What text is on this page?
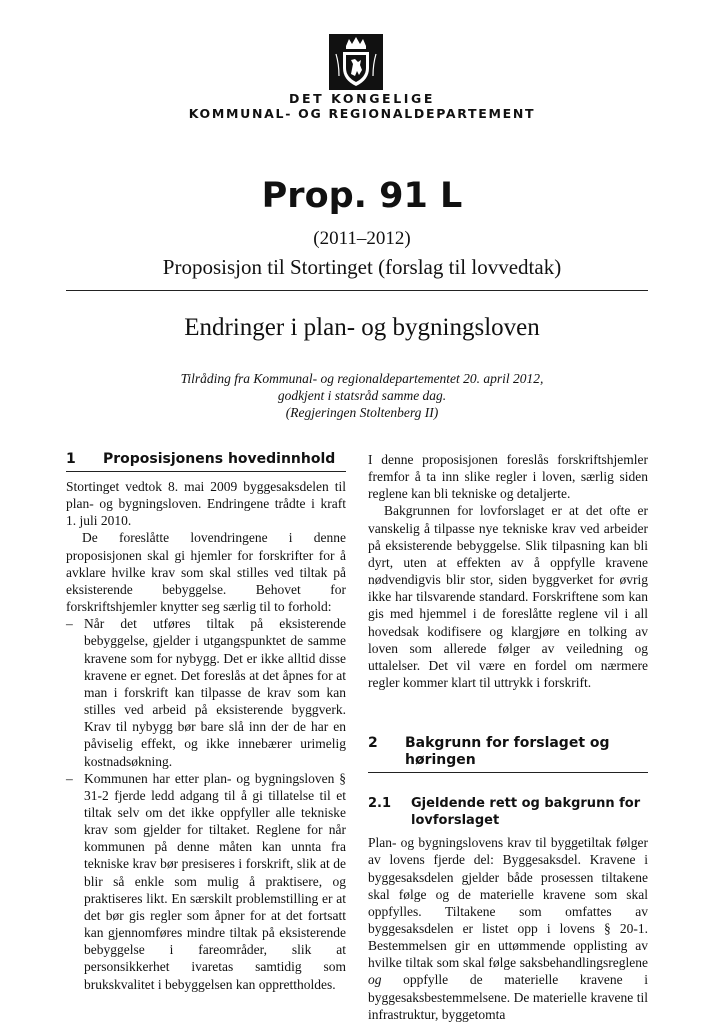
DET KONGELIGE
KOMMUNAL- OG REGIONALDEPARTEMENT
Prop. 91 L
(2011–2012)
Proposisjon til Stortinget (forslag til lovvedtak)
Endringer i plan- og bygningsloven
Tilråding fra Kommunal- og regionaldepartementet 20. april 2012,
godkjent i statsråd samme dag.
(Regjeringen Stoltenberg II)
1 Proposisjonens hovedinnhold

Stortinget vedtok 8. mai 2009 byggesaksdelen til plan- og bygningsloven. Endringene trådte i kraft 1. juli 2010.

De foreslåtte lovendringene i denne proposisjonen skal gi hjemler for forskrifter for å avklare hvilke krav som skal stilles ved tiltak på eksisterende bebyggelse. Behovet for forskriftshjemler knytter seg særlig til to forhold:

– Når det utføres tiltak på eksisterende bebyggelse, gjelder i utgangspunktet de samme kravene som for nybygg. Det er ikke alltid disse kravene er egnet. Det foreslås at det åpnes for at man i forskrift kan tilpasse de krav som kan stilles ved arbeid på eksisterende byggverk. Krav til nybygg bør bare slå inn der de har en påviselig effekt, og ikke innebærer urimelig kostnadsøkning.
– Kommunen har etter plan- og bygningsloven § 31-2 fjerde ledd adgang til å gi tillatelse til et tiltak selv om det ikke oppfyller alle tekniske krav som gjelder for tiltaket. Reglene for når kommunen på denne måten kan unnta fra tekniske krav bør presiseres i forskrift, slik at de blir så enkle som mulig å praktisere, og praktiseres likt. En særskilt problemstilling er at det bør gis regler som åpner for at det fortsatt kan gjennomføres mindre tiltak på eksisterende bebyggelse i fareområder, slik at personsikkerhet ivaretas samtidig som brukskvalitet i bebyggelsen kan opprettholdes.

I denne proposisjonen foreslås forskriftshjemler fremfor å ta inn slike regler i loven, særlig siden reglene kan bli tekniske og detaljerte.

Bakgrunnen for lovforslaget er at det ofte er vanskelig å tilpasse nye tekniske krav ved arbeider på eksisterende bebyggelse. Slik tilpasning kan bli dyrt, uten at effekten av å oppfylle kravene nødvendigvis blir stor, siden byggverket for øvrig ikke har tilsvarende standard. Forskriftene som kan gis med hjemmel i de foreslåtte reglene vil i all hovedsak kodifisere og klargjøre en tolking av loven som allerede følger av veiledning og uttalelser. Det vil være en fordel om nærmere regler kommer klart til uttrykk i forskrift.

2 Bakgrunn for forslaget og høringen
2.1 Gjeldende rett og bakgrunn for lovforslaget

Plan- og bygningslovens krav til byggetiltak følger av lovens fjerde del: Byggesaksdel. Kravene i byggesaksdelen gjelder både prosessen tiltakene skal følge og de materielle kravene som skal oppfylles. Tiltakene som omfattes av byggesaksdelen er listet opp i lovens § 20-1. Bestemmelsen gir en uttømmende opplisting av hvilke tiltak som skal følge saksbehandlingsreglene og oppfylle de materielle kravene i byggesaksbestemmelsene. De materielle kravene til infrastruktur, byggetomta
